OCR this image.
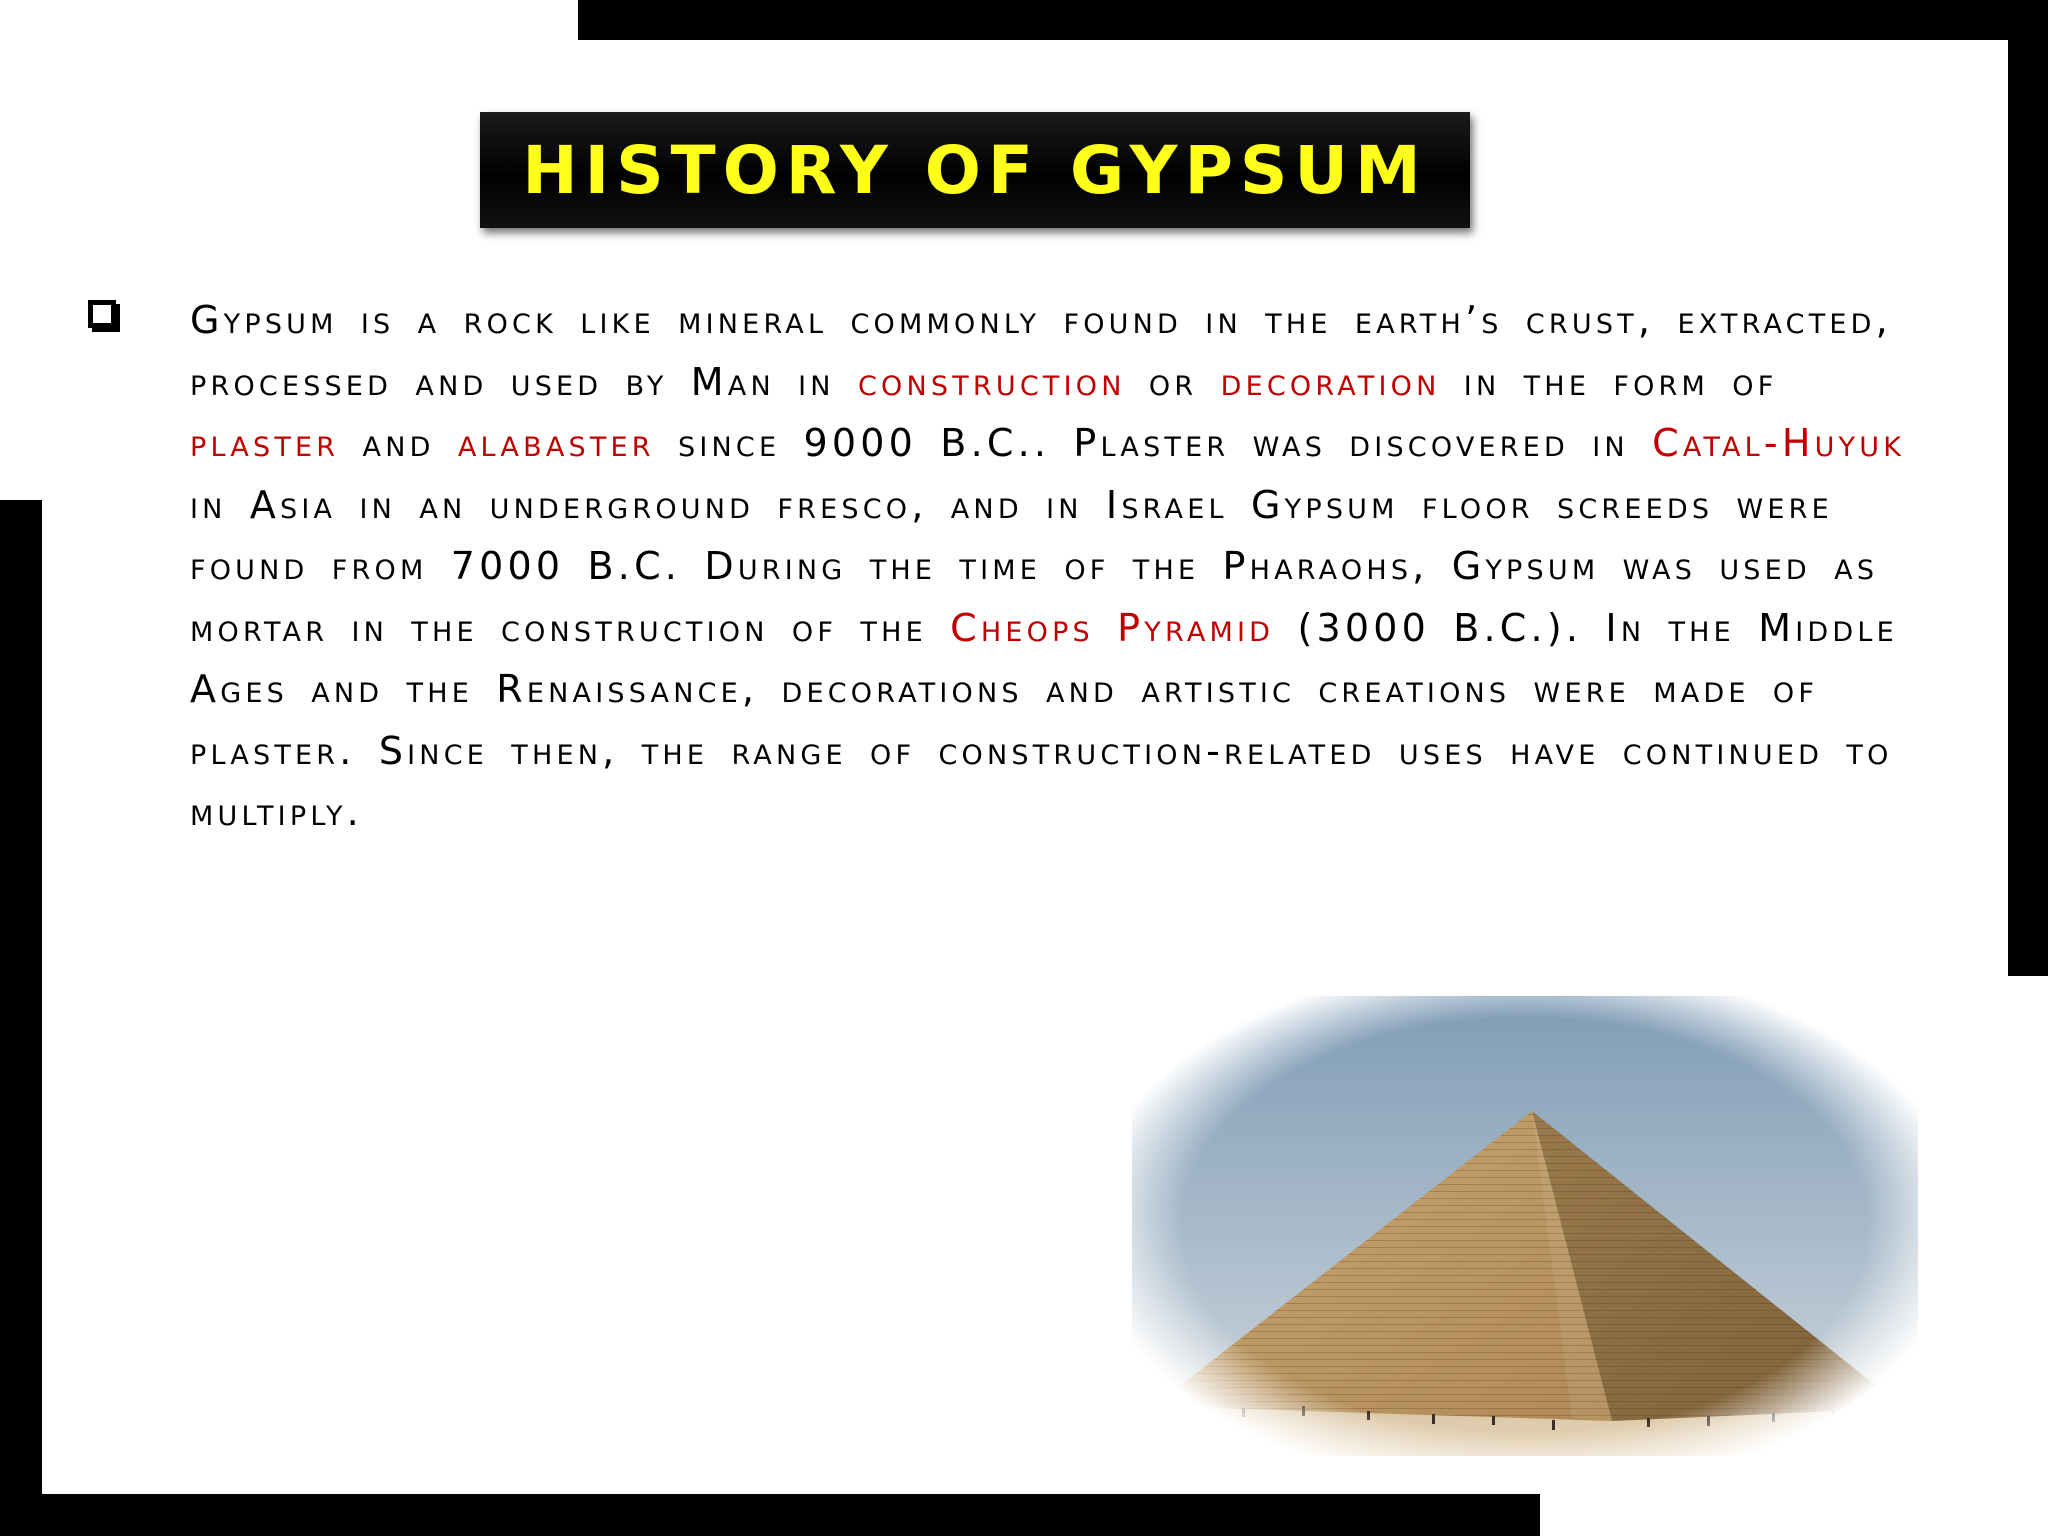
HISTORY OF GYPSUM

Gypsum is a rock like mineral commonly found in the earth’s crust, extracted, processed and used by Man in construction or decoration in the form of plaster and alabaster since 9000 B.C.. Plaster was discovered in Catal-Huyuk in Asia in an underground fresco, and in Israel Gypsum floor screeds were found from 7000 B.C. During the time of the Pharaohs, Gypsum was used as mortar in the construction of the Cheops Pyramid (3000 B.C.). In the Middle Ages and the Renaissance, decorations and artistic creations were made of plaster. Since then, the range of construction-related uses have continued to multiply.
